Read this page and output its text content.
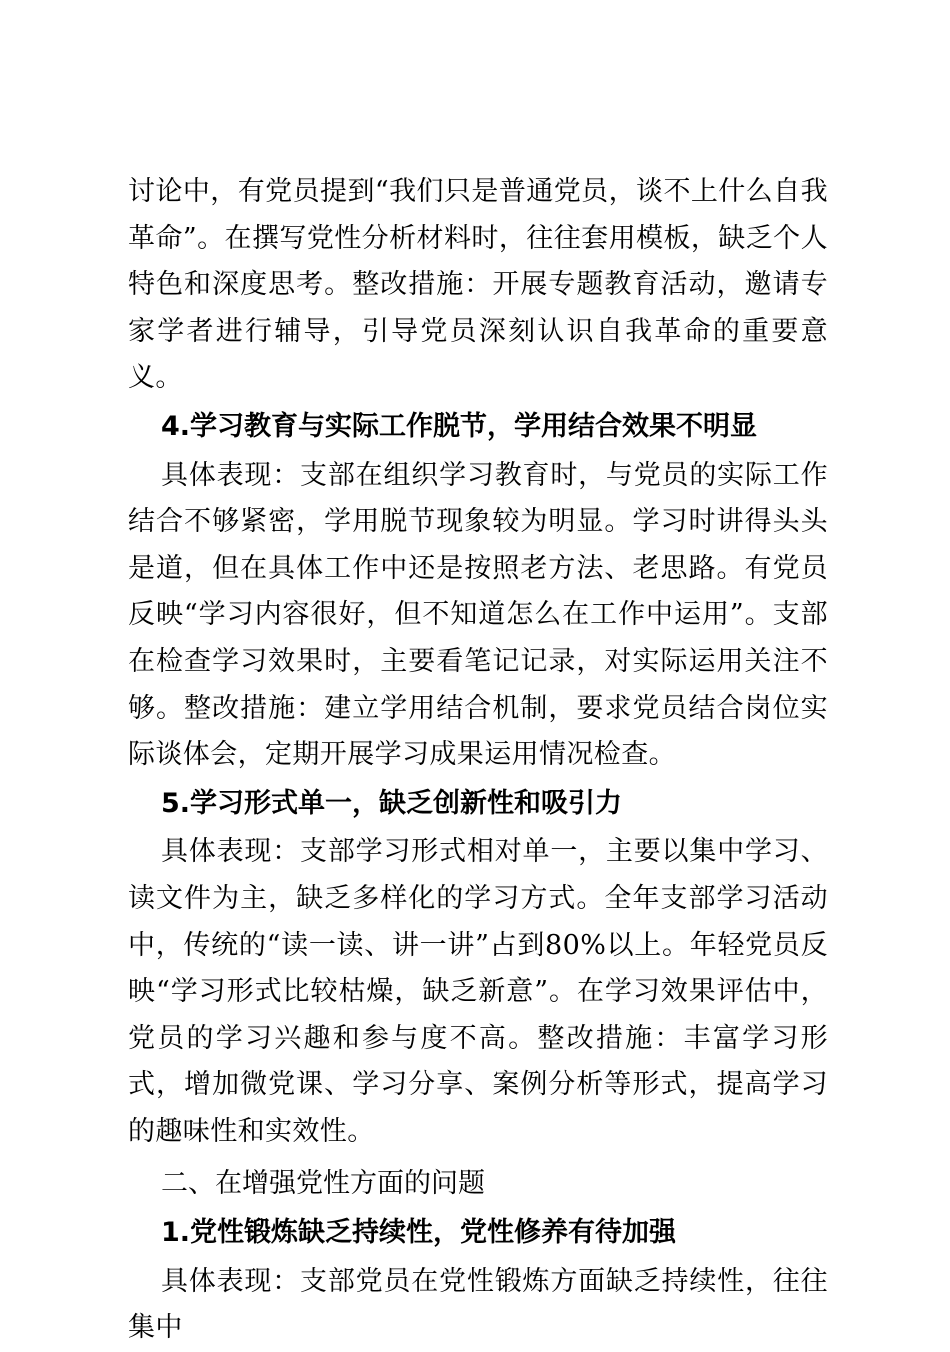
讨论中，有党员提到“我们只是普通党员，谈不上什么自我革命”。在撰写党性分析材料时，往往套用模板，缺乏个人特色和深度思考。整改措施：开展专题教育活动，邀请专家学者进行辅导，引导党员深刻认识自我革命的重要意义。

4.学习教育与实际工作脱节，学用结合效果不明显

具体表现：支部在组织学习教育时，与党员的实际工作结合不够紧密，学用脱节现象较为明显。学习时讲得头头是道，但在具体工作中还是按照老方法、老思路。有党员反映“学习内容很好，但不知道怎么在工作中运用”。支部在检查学习效果时，主要看笔记记录，对实际运用关注不够。整改措施：建立学用结合机制，要求党员结合岗位实际谈体会，定期开展学习成果运用情况检查。

5.学习形式单一，缺乏创新性和吸引力

具体表现：支部学习形式相对单一，主要以集中学习、读文件为主，缺乏多样化的学习方式。全年支部学习活动中，传统的“读一读、讲一讲”占到80%以上。年轻党员反映“学习形式比较枯燥，缺乏新意”。在学习效果评估中，党员的学习兴趣和参与度不高。整改措施：丰富学习形式，增加微党课、学习分享、案例分析等形式，提高学习的趣味性和实效性。

二、在增强党性方面的问题

1.党性锻炼缺乏持续性，党性修养有待加强

具体表现：支部党员在党性锻炼方面缺乏持续性，往往集中
